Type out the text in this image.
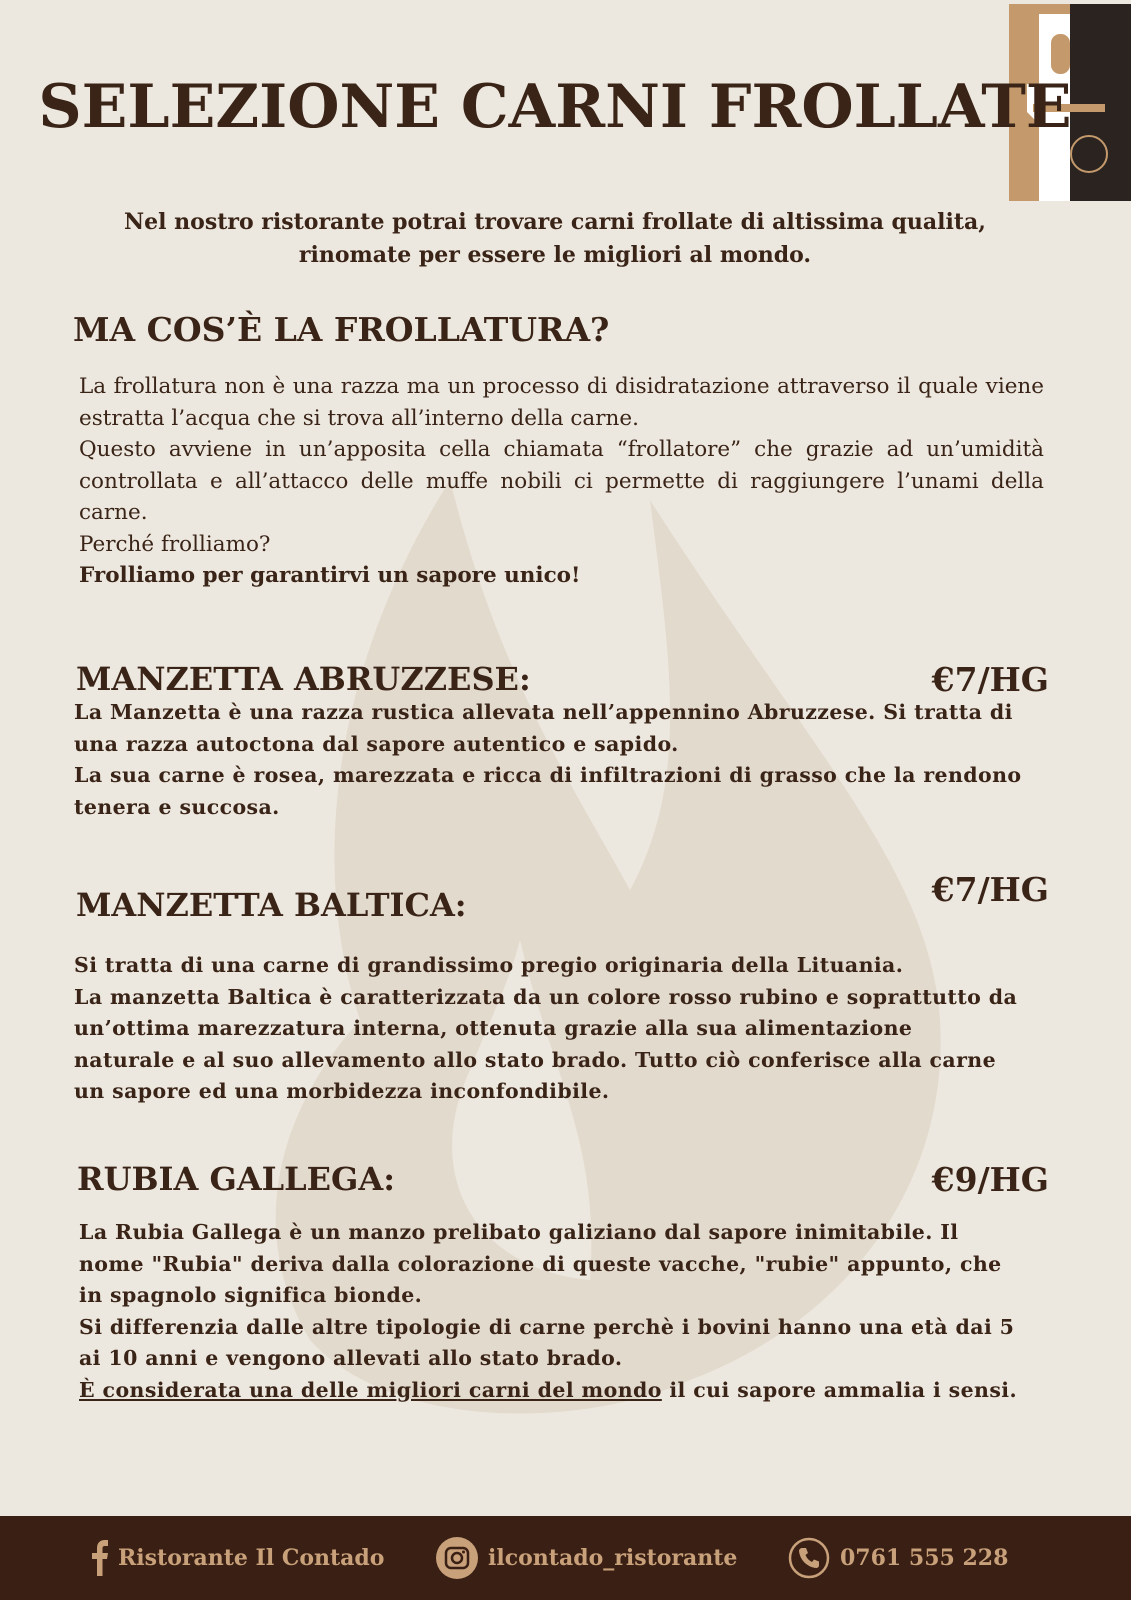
SELEZIONE CARNI FROLLATE
Nel nostro ristorante potrai trovare carni frollate di altissima qualita, rinomate per essere le migliori al mondo.
MA COS’È LA FROLLATURA?

La frollatura non è una razza ma un processo di disidratazione attraverso il quale viene estratta l’acqua che si trova all’interno della carne.

Questo avviene in un’apposita cella chiamata “frollatore” che grazie ad un’umidità controllata e all’attacco delle muffe nobili ci permette di raggiungere l’unami della carne.

Perché frolliamo?

Frolliamo per garantirvi un sapore unico!

MANZETTA ABRUZZESE:	€7/HG

La Manzetta è una razza rustica allevata nell’appennino Abruzzese. Si tratta di

una razza autoctona dal sapore autentico e sapido.

La sua carne è rosea, marezzata e ricca di infiltrazioni di grasso che la rendono

tenera e succosa.

MANZETTA BALTICA:	€7/HG

Si tratta di una carne di grandissimo pregio originaria della Lituania.

La manzetta Baltica è caratterizzata da un colore rosso rubino e soprattutto da

un’ottima marezzatura interna, ottenuta grazie alla sua alimentazione

naturale e al suo allevamento allo stato brado. Tutto ciò conferisce alla carne

un sapore ed una morbidezza inconfondibile.

RUBIA GALLEGA:	€9/HG

La Rubia Gallega è un manzo prelibato galiziano dal sapore inimitabile. Il

nome "Rubia" deriva dalla colorazione di queste vacche, "rubie" appunto, che

in spagnolo significa bionde.

Si differenzia dalle altre tipologie di carne perchè i bovini hanno una età dai 5

ai 10 anni e vengono allevati allo stato brado.

È considerata una delle migliori carni del mondo il cui sapore ammalia i sensi.

Ristorante Il Contado	ilcontado_ristorante	0761 555 228
